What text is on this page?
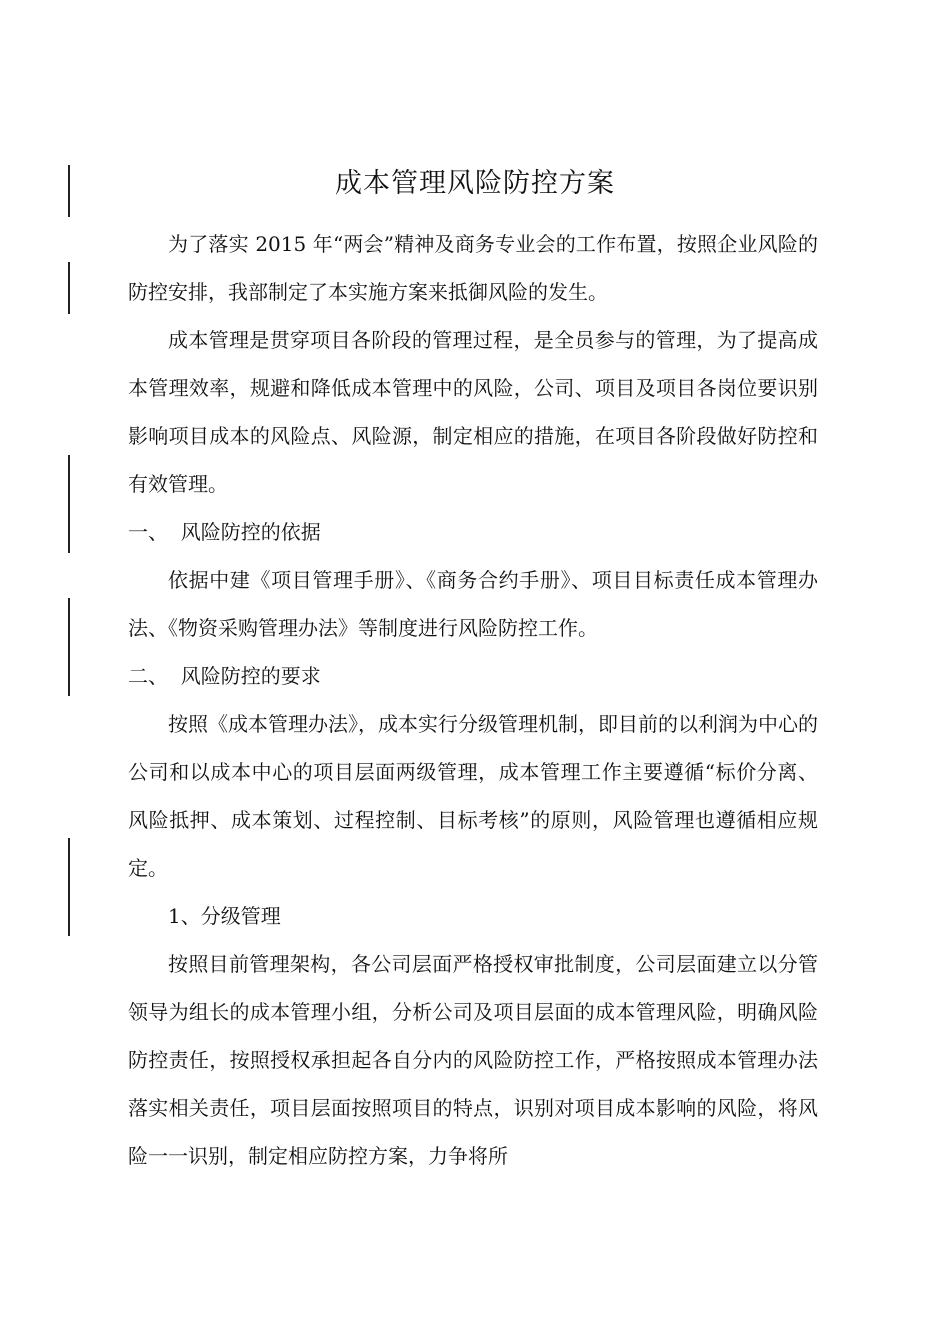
成本管理风险防控方案

为了落实 2015 年“两会”精神及商务专业会的工作布置，按照企业风险的防控安排，我部制定了本实施方案来抵御风险的发生。

成本管理是贯穿项目各阶段的管理过程，是全员参与的管理，为了提高成本管理效率，规避和降低成本管理中的风险，公司、项目及项目各岗位要识别影响项目成本的风险点、风险源，制定相应的措施，在项目各阶段做好防控和有效管理。

一、  风险防控的依据

依据中建《项目管理手册》、《商务合约手册》、项目目标责任成本管理办法、《物资采购管理办法》等制度进行风险防控工作。

二、  风险防控的要求

按照《成本管理办法》，成本实行分级管理机制，即目前的以利润为中心的公司和以成本中心的项目层面两级管理，成本管理工作主要遵循“标价分离、风险抵押、成本策划、过程控制、目标考核”的原则，风险管理也遵循相应规定。

1、分级管理

按照目前管理架构，各公司层面严格授权审批制度，公司层面建立以分管领导为组长的成本管理小组，分析公司及项目层面的成本管理风险，明确风险防控责任，按照授权承担起各自分内的风险防控工作，严格按照成本管理办法落实相关责任，项目层面按照项目的特点，识别对项目成本影响的风险，将风险一一识别，制定相应防控方案，力争将所
